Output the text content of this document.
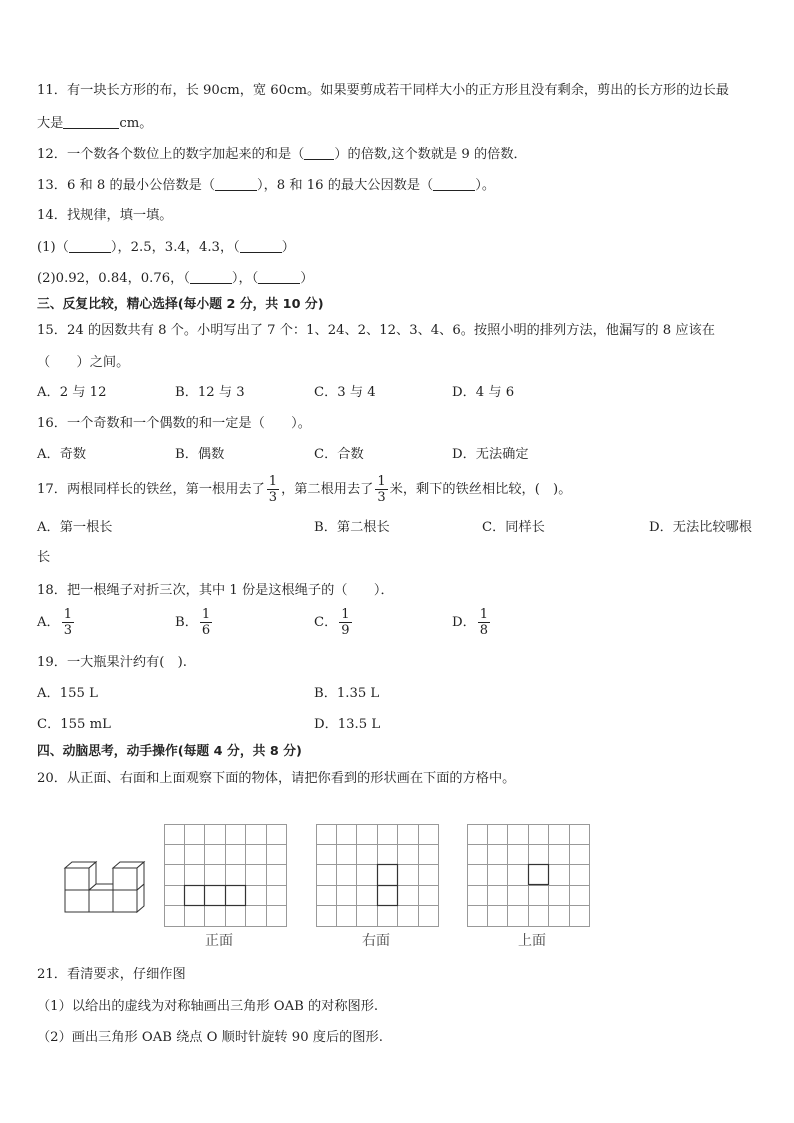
11．有一块长方形的布，长 90cm，宽 60cm。如果要剪成若干同样大小的正方形且没有剩余，剪出的长方形的边长最
大是	cm。
12．一个数各个数位上的数字加起来的和是（ ）的倍数,这个数就是 9 的倍数．
13．6 和 8 的最小公倍数是（	），8 和 16 的最大公因数是（	）。
14．找规律，填一填。
(1)（	），2.5，3.4，4.3，（	）
(2)0.92，0.84，0.76，（	），（	）
三、反复比较，精心选择(每小题 2 分，共 10 分)
15．24 的因数共有 8 个。小明写出了 7 个：1、24、2、12、3、4、6。按照小明的排列方法，他漏写的 8 应该在
（　　）之间。
A．2 与 12	B．12 与 3	C．3 与 4	D．4 与 6
16．一个奇数和一个偶数的和一定是（　　）。
A．奇数	B．偶数	C．合数	D．无法确定
17．两根同样长的铁丝，第一根用去了 $\frac{1}{3}$ ，第二根用去了 $\frac{1}{3}$ 米，剩下的铁丝相比较，(　)。
A．第一根长	B．第二根长	C．同样长	D．无法比较哪根
长
18．把一根绳子对折三次，其中 1 份是这根绳子的（　　）．
A． $\frac{1}{3}$	B． $\frac{1}{6}$	C． $\frac{1}{9}$	D． $\frac{1}{8}$
19．一大瓶果汁约有(　).
A．155 L	B．1.35 L
C．155 mL	D．13.5 L
四、动脑思考，动手操作(每题 4 分，共 8 分)
20．从正面、右面和上面观察下面的物体，请把你看到的形状画在下面的方格中。
正面	右面	上面
21．看清要求，仔细作图
（1）以给出的虚线为对称轴画出三角形 OAB 的对称图形.
（2）画出三角形 OAB 绕点 O 顺时针旋转 90 度后的图形.
